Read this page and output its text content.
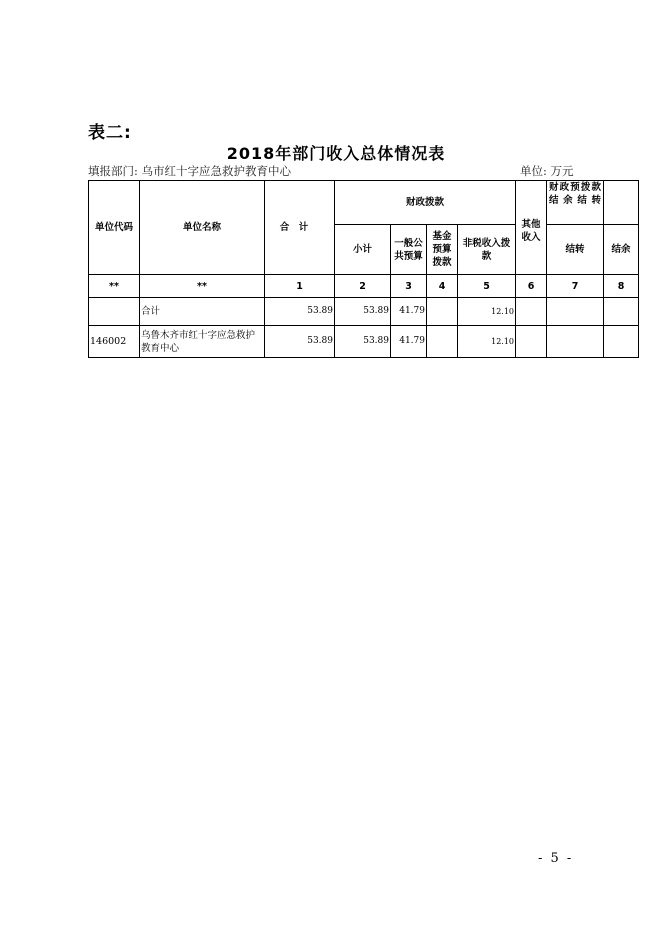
表二:
2018年部门收入总体情况表
填报部门: 乌市红十字应急救护教育中心	单位: 万元
单位代码	单位名称	合　计	财政拨款				其他收入	财政预拨款结余结转	
			小计	一般公共预算	基金预算拨款	非税收入拨款		结转	结余
**	**	1	2	3	4	5	6	7	8
	合计	53.89	53.89	41.79		12.10			
146002	乌鲁木齐市红十字应急救护教育中心	53.89	53.89	41.79		12.10			
- 5 -
